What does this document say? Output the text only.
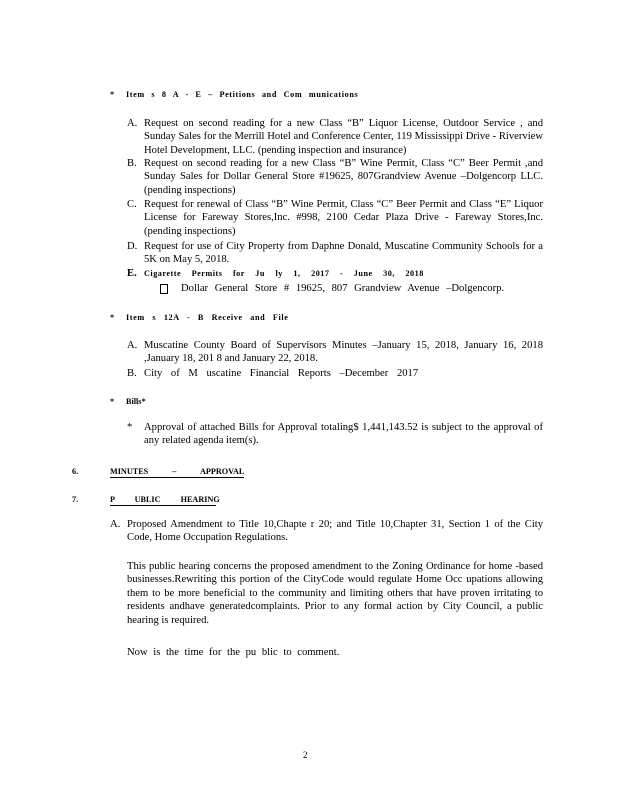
* Item s 8 A - E – Petitions and Com munications
A. Request on second reading for a new Class “B” Liquor License, Outdoor Service , and Sunday Sales for the Merrill Hotel and Conference Center, 119 Mississippi Drive - Riverview Hotel Development, LLC. (pending inspection and insurance)
B. Request on second reading for a new Class “B” Wine Permit, Class “C” Beer Permit ,and Sunday Sales for Dollar General Store #19625, 807Grandview Avenue –Dolgencorp LLC. (pending inspections)
C. Request for renewal of Class “B” Wine Permit, Class “C” Beer Permit and Class “E” Liquor License for Fareway Stores,Inc. #998, 2100 Cedar Plaza Drive - Fareway Stores,Inc. (pending inspections)
D. Request for use of City Property from Daphne Donald, Muscatine Community Schools for a 5K on May 5, 2018.
E. Cigarette Permits for Ju ly 1, 2017 - June 30, 2018
Dollar General Store # 19625, 807 Grandview Avenue –Dolgencorp.
* Item s 12A - B Receive and File
A. Muscatine County Board of Supervisors Minutes –January 15, 2018, January 16, 2018 ,January 18, 201 8 and January 22, 2018.
B. City of M uscatine Financial Reports –December 2017
* Bills*
* Approval of attached Bills for Approval totaling$ 1,441,143.52 is subject to the approval of any related agenda item(s).
6.	MINUTES – APPROVAL
7.	P UBLIC HEARING
A. Proposed Amendment to Title 10,Chapte r 20; and Title 10,Chapter 31, Section 1 of the City Code, Home Occupation Regulations.
This public hearing concerns the proposed amendment to the Zoning Ordinance for home -based businesses.Rewriting this portion of the CityCode would regulate Home Occ upations allowing them to be more beneficial to the community and limiting others that have proven irritating to residents andhave generatedcomplaints. Prior to any formal action by City Council, a public hearing is required.
Now is the time for the pu blic to comment.
2
